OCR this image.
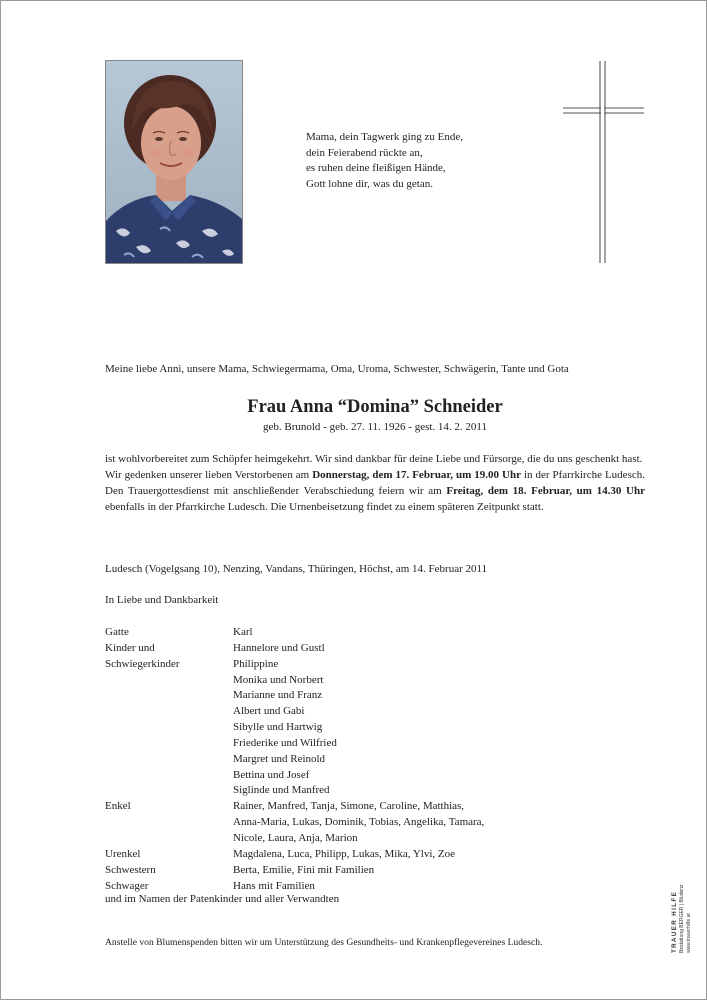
Mama, dein Tagwerk ging zu Ende,
dein Feierabend rückte an,
es ruhen deine fleißigen Hände,
Gott lohne dir, was du getan.
Meine liebe Anni, unsere Mama, Schwiegermama, Oma, Uroma, Schwester, Schwägerin, Tante und Gota
Frau Anna “Domina” Schneider
geb. Brunold - geb. 27. 11. 1926 - gest. 14. 2. 2011

ist wohlvorbereitet zum Schöpfer heimgekehrt. Wir sind dankbar für deine Liebe und Fürsorge, die du uns geschenkt hast.

Wir gedenken unserer lieben Verstorbenen am Donnerstag, dem 17. Februar, um 19.00 Uhr in der Pfarrkirche Ludesch. Den Trauergottesdienst mit anschließender Verabschiedung feiern wir am Freitag, dem 18. Februar, um 14.30 Uhr ebenfalls in der Pfarrkirche Ludesch. Die Urnenbeisetzung findet zu einem späteren Zeitpunkt statt.

Ludesch (Vogelgsang 10), Nenzing, Vandans, Thüringen, Höchst, am 14. Februar 2011
In Liebe und Dankbarkeit
Gatte	Karl
Kinder und	Hannelore und Gustl
Schwiegerkinder	Philippine
Monika und Norbert
Marianne und Franz
Albert und Gabi
Sibylle und Hartwig
Friederike und Wilfried
Margret und Reinold
Bettina und Josef
Siglinde und Manfred
Enkel	Rainer, Manfred, Tanja, Simone, Caroline, Matthias,
Anna-Maria, Lukas, Dominik, Tobias, Angelika, Tamara,
Nicole, Laura, Anja, Marion
Urenkel	Magdalena, Luca, Philipp, Lukas, Mika, Ylvi, Zoe
Schwestern	Berta, Emilie, Fini mit Familien
Schwager	Hans mit Familien
und im Namen der Patenkinder und aller Verwandten
Anstelle von Blumenspenden bitten wir um Unterstützung des Gesundheits- und Krankenpflegevereines Ludesch.	TRAUER HILFE Bestattung BERGER | Bludenz www.trauerhilfe.at
